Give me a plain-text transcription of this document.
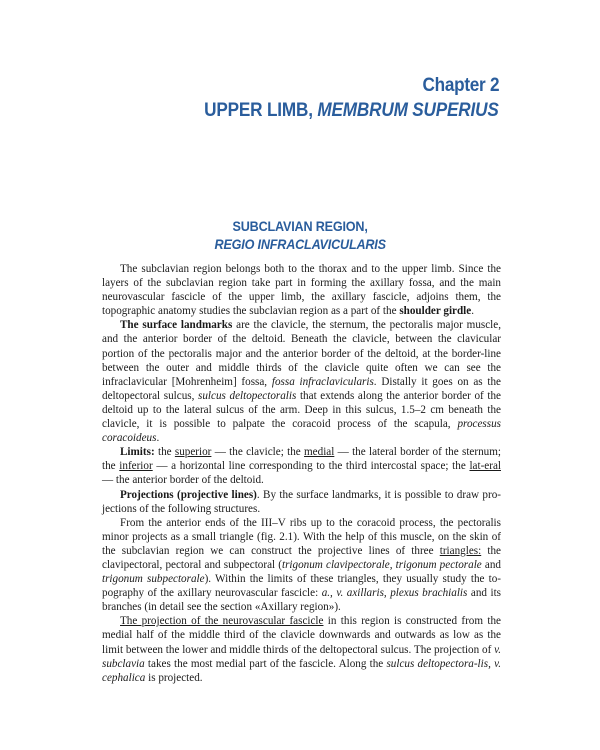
Chapter 2
UPPER LIMB, MEMBRUM SUPERIUS
SUBCLAVIAN REGION,
REGIO INFRACLAVICULARIS

The subclavian region belongs both to the thorax and to the upper limb. Since the layers of the subclavian region take part in forming the axillary fossa, and the main neurovascular fascicle of the upper limb, the axillary fascicle, adjoins them, the topographic anatomy studies the subclavian region as a part of the shoulder girdle.

The surface landmarks are the clavicle, the sternum, the pectoralis major muscle, and the anterior border of the deltoid. Beneath the clavicle, between the clavicular portion of the pectoralis major and the anterior border of the deltoid, at the border-line between the outer and middle thirds of the clavicle quite often we can see the infraclavicular [Mohrenheim] fossa, fossa infraclavicularis. Distally it goes on as the deltopectoral sulcus, sulcus deltopectoralis that extends along the anterior border of the deltoid up to the lateral sulcus of the arm. Deep in this sulcus, 1.5–2 cm beneath the clavicle, it is possible to palpate the coracoid process of the scapula, processus coracoideus.

Limits: the superior — the clavicle; the medial — the lateral border of the sternum; the inferior — a horizontal line corresponding to the third intercostal space; the lat-eral — the anterior border of the deltoid.

Projections (projective lines). By the surface landmarks, it is possible to draw pro-jections of the following structures.

From the anterior ends of the III–V ribs up to the coracoid process, the pectoralis minor projects as a small triangle (fig. 2.1). With the help of this muscle, on the skin of the subclavian region we can construct the projective lines of three triangles: the clavipectoral, pectoral and subpectoral (trigonum clavipectorale, trigonum pectorale and trigonum subpectorale). Within the limits of these triangles, they usually study the to-pography of the axillary neurovascular fascicle: a., v. axillaris, plexus brachialis and its branches (in detail see the section «Axillary region»).

The projection of the neurovascular fascicle in this region is constructed from the medial half of the middle third of the clavicle downwards and outwards as low as the limit between the lower and middle thirds of the deltopectoral sulcus. The projection of v. subclavia takes the most medial part of the fascicle. Along the sulcus deltopectora-lis, v. cephalica is projected.
